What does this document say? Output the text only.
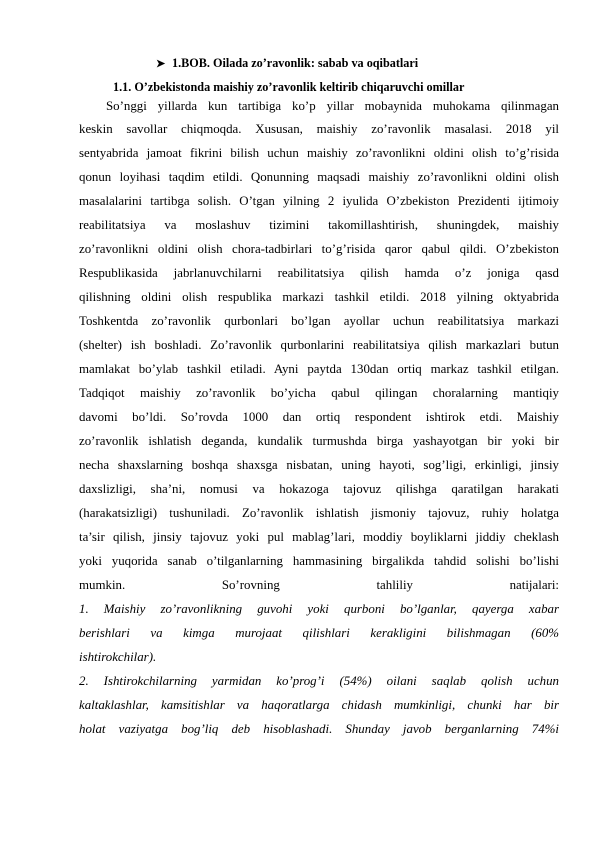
➤ 1.BOB. Oilada zo’ravonlik: sabab va oqibatlari
1.1. O’zbekistonda maishiy zo’ravonlik keltirib chiqaruvchi omillar
So’nggi yillarda kun tartibiga ko’p yillar mobaynida muhokama qilinmagan
keskin savollar chiqmoqda. Xususan, maishiy zo’ravonlik masalasi. 2018 yil
sentyabrida jamoat fikrini bilish uchun maishiy zo’ravonlikni oldini olish to’g’risida
qonun loyihasi taqdim etildi. Qonunning maqsadi maishiy zo’ravonlikni oldini olish
masalalarini tartibga solish. O’tgan yilning 2 iyulida O’zbekiston Prezidenti ijtimoiy
reabilitatsiya va moslashuv tizimini takomillashtirish, shuningdek, maishiy
zo’ravonlikni oldini olish chora-tadbirlari to’g’risida qaror qabul qildi. O’zbekiston
Respublikasida jabrlanuvchilarni reabilitatsiya qilish hamda o’z joniga qasd
qilishning oldini olish respublika markazi tashkil etildi. 2018 yilning oktyabrida
Toshkentda zo’ravonlik qurbonlari bo’lgan ayollar uchun reabilitatsiya markazi
(shelter) ish boshladi. Zo’ravonlik qurbonlarini reabilitatsiya qilish markazlari butun
mamlakat bo’ylab tashkil etiladi. Ayni paytda 130dan ortiq markaz tashkil etilgan.
Tadqiqot maishiy zo’ravonlik bo’yicha qabul qilingan choralarning mantiqiy
davomi bo’ldi. So’rovda 1000 dan ortiq respondent ishtirok etdi. Maishiy
zo’ravonlik ishlatish deganda, kundalik turmushda birga yashayotgan bir yoki bir
necha shaxslarning boshqa shaxsga nisbatan, uning hayoti, sog’ligi, erkinligi, jinsiy
daxslizligi, sha’ni, nomusi va hokazoga tajovuz qilishga qaratilgan harakati
(harakatsizligi) tushuniladi. Zo’ravonlik ishlatish jismoniy tajovuz, ruhiy holatga
ta’sir qilish, jinsiy tajovuz yoki pul mablag’lari, moddiy boyliklarni jiddiy cheklash
yoki yuqorida sanab o’tilganlarning hammasining birgalikda tahdid solishi bo’lishi
mumkin. So’rovning tahliliy natijalari:
1. Maishiy zo’ravonlikning guvohi yoki qurboni bo’lganlar, qayerga xabar
berishlari va kimga murojaat qilishlari kerakligini bilishmagan (60%
ishtirokchilar).
2. Ishtirokchilarning yarmidan ko’prog’i (54%) oilani saqlab qolish uchun
kaltaklashlar, kamsitishlar va haqoratlarga chidash mumkinligi, chunki har bir
holat vaziyatga bog’liq deb hisoblashadi. Shunday javob berganlarning 74%i
